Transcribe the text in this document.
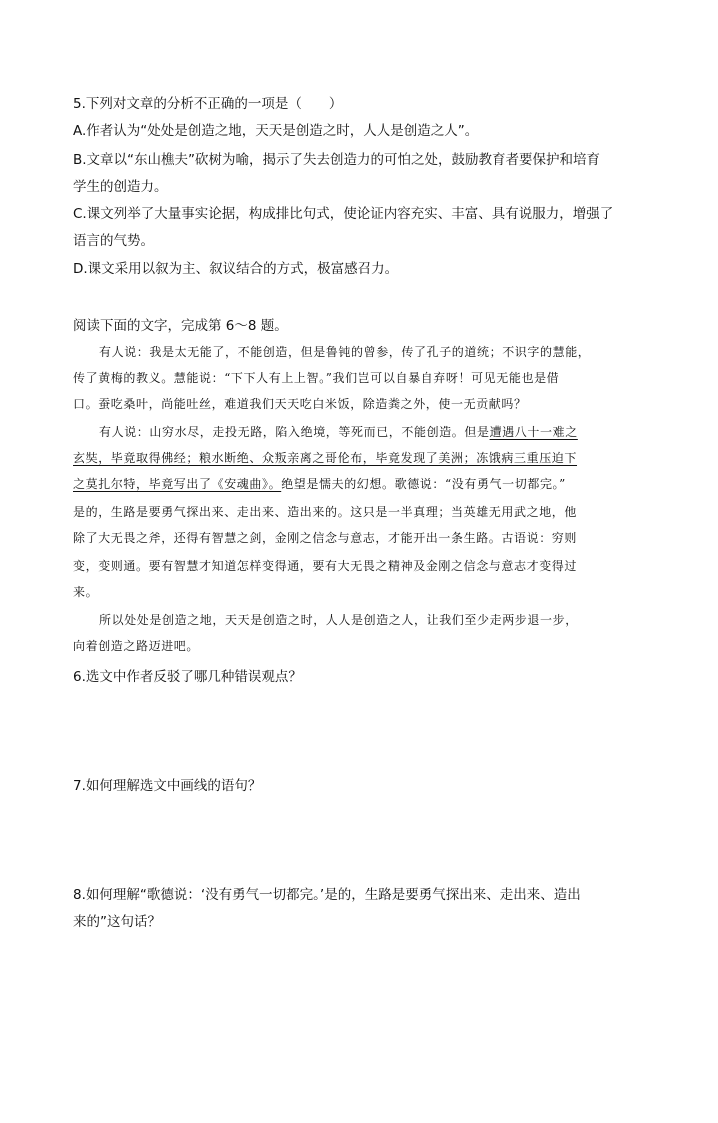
5.下列对文章的分析不正确的一项是（　　）
A.作者认为“处处是创造之地，天天是创造之时，人人是创造之人”。
B.文章以“东山樵夫”砍树为喻，揭示了失去创造力的可怕之处，鼓励教育者要保护和培育
学生的创造力。
C.课文列举了大量事实论据，构成排比句式，使论证内容充实、丰富、具有说服力，增强了
语言的气势。
D.课文采用以叙为主、叙议结合的方式，极富感召力。
阅读下面的文字，完成第 6～8 题。
有人说：我是太无能了，不能创造，但是鲁钝的曾参，传了孔子的道统；不识字的慧能，
传了黄梅的教义。慧能说：“下下人有上上智。”我们岂可以自暴自弃呀！可见无能也是借
口。蚕吃桑叶，尚能吐丝，难道我们天天吃白米饭，除造粪之外，使一无贡献吗？
有人说：山穷水尽，走投无路，陷入绝境，等死而已，不能创造。但是遭遇八十一难之
玄奘，毕竟取得佛经；粮水断绝、众叛亲离之哥伦布，毕竟发现了美洲；冻饿病三重压迫下
之莫扎尔特，毕竟写出了《安魂曲》。绝望是懦夫的幻想。歌德说：“没有勇气一切都完。”
是的，生路是要勇气探出来、走出来、造出来的。这只是一半真理；当英雄无用武之地，他
除了大无畏之斧，还得有智慧之剑，金刚之信念与意志，才能开出一条生路。古语说：穷则
变，变则通。要有智慧才知道怎样变得通，要有大无畏之精神及金刚之信念与意志才变得过
来。
所以处处是创造之地，天天是创造之时，人人是创造之人，让我们至少走两步退一步，
向着创造之路迈进吧。
6.选文中作者反驳了哪几种错误观点？
7.如何理解选文中画线的语句？
8.如何理解“歌德说：‘没有勇气一切都完。’是的，生路是要勇气探出来、走出来、造出
来的”这句话？
